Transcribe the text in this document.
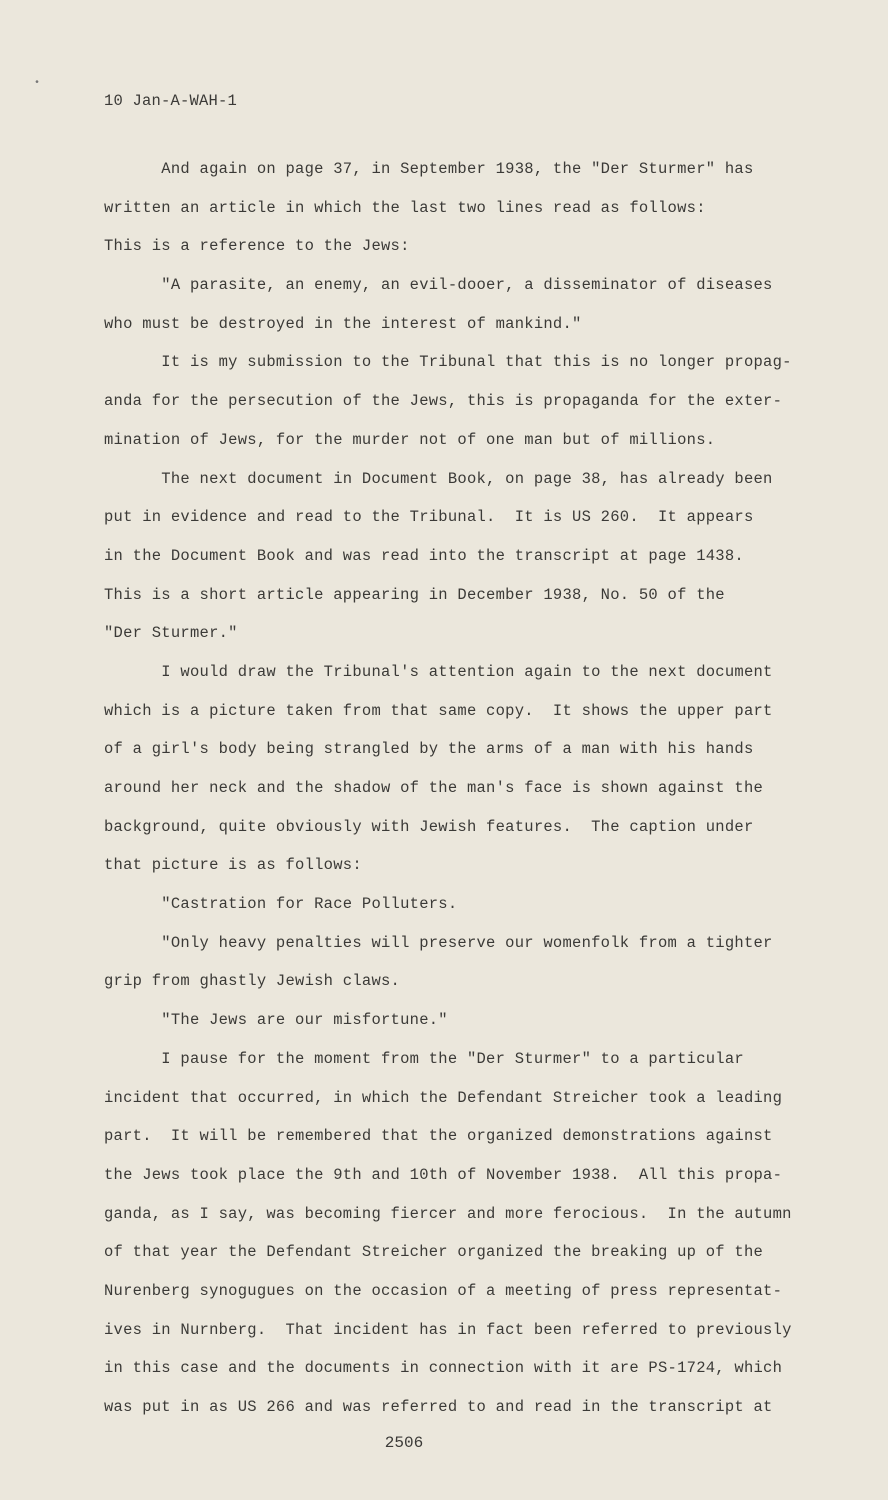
•
10 Jan-A-WAH-1
And again on page 37, in September 1938, the "Der Sturmer" has
written an article in which the last two lines read as follows:
This is a reference to the Jews:
"A parasite, an enemy, an evil-dooer, a disseminator of diseases
who must be destroyed in the interest of mankind."
It is my submission to the Tribunal that this is no longer propag-
anda for the persecution of the Jews, this is propaganda for the exter-
mination of Jews, for the murder not of one man but of millions.
The next document in Document Book, on page 38, has already been
put in evidence and read to the Tribunal.  It is US 260.  It appears
in the Document Book and was read into the transcript at page 1438.
This is a short article appearing in December 1938, No. 50 of the
"Der Sturmer."
I would draw the Tribunal's attention again to the next document
which is a picture taken from that same copy.  It shows the upper part
of a girl's body being strangled by the arms of a man with his hands
around her neck and the shadow of the man's face is shown against the
background, quite obviously with Jewish features.  The caption under
that picture is as follows:
"Castration for Race Polluters.
"Only heavy penalties will preserve our womenfolk from a tighter
grip from ghastly Jewish claws.
"The Jews are our misfortune."
I pause for the moment from the "Der Sturmer" to a particular
incident that occurred, in which the Defendant Streicher took a leading
part.  It will be remembered that the organized demonstrations against
the Jews took place the 9th and 10th of November 1938.  All this propa-
ganda, as I say, was becoming fiercer and more ferocious.  In the autumn
of that year the Defendant Streicher organized the breaking up of the
Nurenberg synogugues on the occasion of a meeting of press representat-
ives in Nurnberg.  That incident has in fact been referred to previously
in this case and the documents in connection with it are PS-1724, which
was put in as US 266 and was referred to and read in the transcript at
2506
